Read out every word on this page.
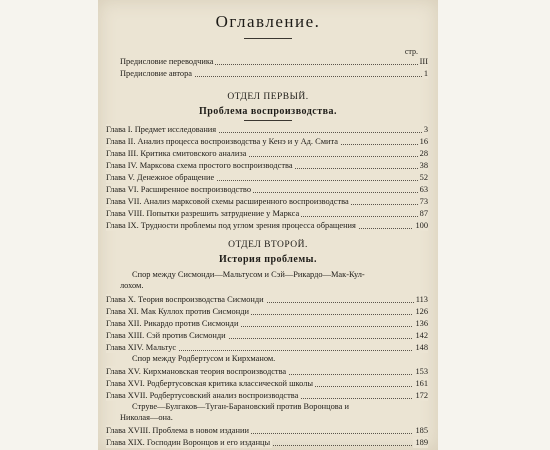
Оглавление.
стр.
Предисловие переводчика	III
Предисловие автора	1
ОТДЕЛ ПЕРВЫЙ.
Проблема воспроизводства.
Глава I. Предмет исследования	3
Глава II. Анализ процесса воспроизводства у Кенэ и у Ад. Смита	16
Глава III. Критика смитовского анализа	28
Глава IV. Марксова схема простого воспроизводства	38
Глава V. Денежное обращение	52
Глава VI. Расширенное воспроизводство	63
Глава VII. Анализ марксовой схемы расширенного воспроизводства	73
Глава VIII. Попытки разрешить затруднение у Маркса	87
Глава IX. Трудности проблемы под углом зрения процесса обращения	100
ОТДЕЛ ВТОРОЙ.
История проблемы.
Спор между Сисмонди—Мальтусом и Сэй—Рикардо—Мак-Кул-
лохом.
Глава X. Теория воспроизводства Сисмонди	113
Глава XI. Мак Куллох против Сисмонди	126
Глава XII. Рикардо против Сисмонди	136
Глава XIII. Сэй против Сисмонди	142
Глава XIV. Мальтус	148
Спор между Родбертусом и Кирхманом.
Глава XV. Кирхмановская теория воспроизводства	153
Глава XVI. Родбертусовская критика классической школы	161
Глава XVII. Родбертусовский анализ воспроизводства	172
Струве—Булгаков—Туган-Барановский против Воронцова и
Николая—она.
Глава XVIII. Проблема в новом издании	185
Глава XIX. Господин Воронцов и его изданцы	189
